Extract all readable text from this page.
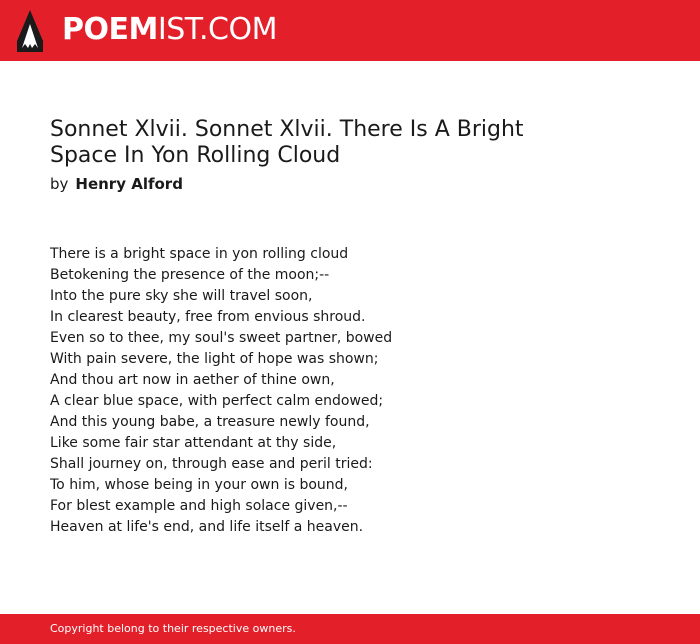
POEMIST.COM
Sonnet Xlvii. Sonnet Xlvii. There Is A Bright Space In Yon Rolling Cloud
by Henry Alford
There is a bright space in yon rolling cloud
Betokening the presence of the moon;--
Into the pure sky she will travel soon,
In clearest beauty, free from envious shroud.
Even so to thee, my soul's sweet partner, bowed
With pain severe, the light of hope was shown;
And thou art now in aether of thine own,
A clear blue space, with perfect calm endowed;
And this young babe, a treasure newly found,
Like some fair star attendant at thy side,
Shall journey on, through ease and peril tried:
To him, whose being in your own is bound,
For blest example and high solace given,--
Heaven at life's end, and life itself a heaven.
Copyright belong to their respective owners.
